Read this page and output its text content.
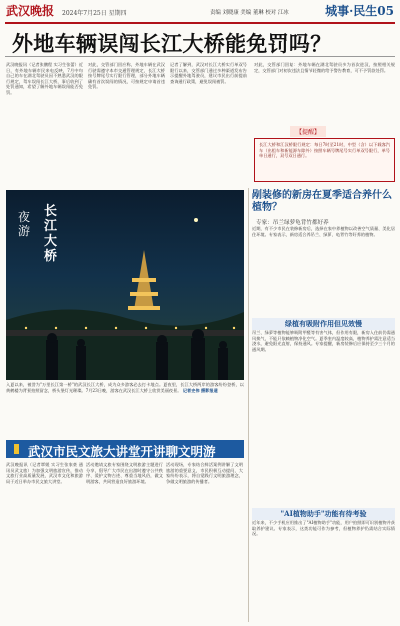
武汉晚报 2024年7月25日 星期四	责编 刘晓康 美编 董琳 校对 江冰	城事·民生05
外地车辆误闯长江大桥能免罚吗？
武汉晚报讯（记者张鹏程 实习生张蕾）近日，有外地车辆市民来电反映，7月中旬自己的车在湖北驾驶员因不熟悉武汉的限行规定，驾车误闯长江大桥，事后收到了处罚通知，希望了解外地车辆误闯能否免罚。
对此，交管部门回应称，外地车辆在武汉行驶需遵守本市交通管理规定，长江大桥按号牌尾号实行限行管理，部分外地车辆确有首次误闯的情况，可按规定申请首违免罚。
记者了解到，武汉对长江大桥实行单双号限行以来，交管部门通过多种渠道发布告示提醒外地驾驶员，建议市民出行前提前查询通行政策，避免误闯被罚。
对此，交管部门回复：外地车辆在湖北驾驶员多为首次进汉，按照相关规定，交管部门对初次违法且情节轻微的给予警告教育，可不予罚款处罚。
【提醒】
长江大桥和江汉桥限行规定：每日7时至21时，中型（含）以下载客汽车（出租车和新能源车除外）按照车辆号牌尾号实行单双号限行，单号单日通行，双号双日通行。
长江大桥
夜游
入夏以来，被誉为"万里长江第一桥"的武汉长江大桥，成为众多游客必去打卡地点。夏夜里，长江大桥两岸的游客纷纷登桥，以黄鹤楼为背景拍照留念，桥头堡灯光璀璨。7月23日晚，游客在武汉长江大桥上欣赏美丽夜景。 记者史伟 摄影报道
剐装修的新房在夏季适合养什么植物？
专家：吊兰绿萝龟背竹都好养
近期，有不少市民在装修新房后，选择在家中养植物以改善空气质量、美化居住环境。专家表示，新房适合养吊兰、绿萝、龟背竹等好养的植物。
绿植有吸附作用但见效慢
吊兰、绿萝等植物能够吸附甲醛等有害气体，但作用有限，新房入住前仍需通风换气，不能只依赖植物净化空气。夏季室内温度较高，植物养护需注意适当浇水，避免阳光直射，保持通风。专家提醒，新房装修后应保持至少三个月的通风期。
"AI植物助手"功能有待考验
近年来，不少手机应用推出了"AI植物助手"功能，用户拍照即可识别植物并获取养护建议。专家表示，这类功能可作为参考，但植物养护仍需结合实际情况。
武汉市民文旅大讲堂开讲聊文明游
武汉晚报讯（记者覃媛 实习生张家豪 通讯员武文旅）为加强文明旅游宣传，推动文旅行业高质量发展，武汉市文化和旅游局于近日举办市民文旅大讲堂。
活动邀请文旅专家围绕文明旅游主题进行分享，倡导广大市民在出游时遵守公共秩序、爱护文物古迹、尊重当地风俗，做文明游客，共同营造良好旅游环境。
活动现场，专家结合鲜活案例讲解了文明旅游的重要意义，市民积极互动提问，大家纷纷表示，将自觉践行文明旅游理念，争做文明旅游的传播者。
